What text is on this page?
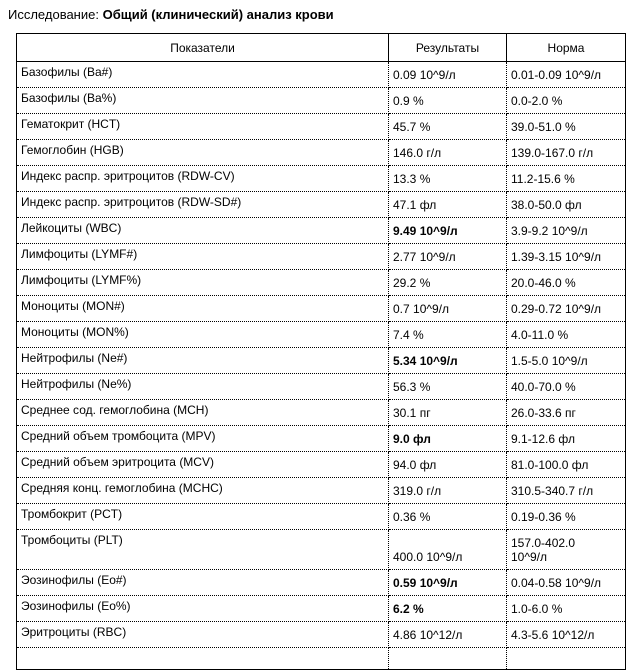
Исследование: Общий (клинический) анализ крови
Показатели	Результаты	Норма
Базофилы (Ba#)	0.09 10^9/л	0.01-0.09 10^9/л
Базофилы (Ba%)	0.9 %	0.0-2.0 %
Гематокрит (HCT)	45.7 %	39.0-51.0 %
Гемоглобин (HGB)	146.0 г/л	139.0-167.0 г/л
Индекс распр. эритроцитов (RDW-CV)	13.3 %	11.2-15.6 %
Индекс распр. эритроцитов (RDW-SD#)	47.1 фл	38.0-50.0 фл
Лейкоциты (WBC)	9.49 10^9/л	3.9-9.2 10^9/л
Лимфоциты (LYMF#)	2.77 10^9/л	1.39-3.15 10^9/л
Лимфоциты (LYMF%)	29.2 %	20.0-46.0 %
Моноциты (MON#)	0.7 10^9/л	0.29-0.72 10^9/л
Моноциты (MON%)	7.4 %	4.0-11.0 %
Нейтрофилы (Ne#)	5.34 10^9/л	1.5-5.0 10^9/л
Нейтрофилы (Ne%)	56.3 %	40.0-70.0 %
Среднее сод. гемоглобина (MCH)	30.1 пг	26.0-33.6 пг
Средний объем тромбоцита (MPV)	9.0 фл	9.1-12.6 фл
Средний объем эритроцита (MCV)	94.0 фл	81.0-100.0 фл
Средняя конц. гемоглобина (MCHC)	319.0 г/л	310.5-340.7 г/л
Тромбокрит (PCT)	0.36 %	0.19-0.36 %
Тромбоциты (PLT)	400.0 10^9/л	157.0-402.0 10^9/л
Эозинофилы (Eo#)	0.59 10^9/л	0.04-0.58 10^9/л
Эозинофилы (Eo%)	6.2 %	1.0-6.0 %
Эритроциты (RBC)	4.86 10^12/л	4.3-5.6 10^12/л
